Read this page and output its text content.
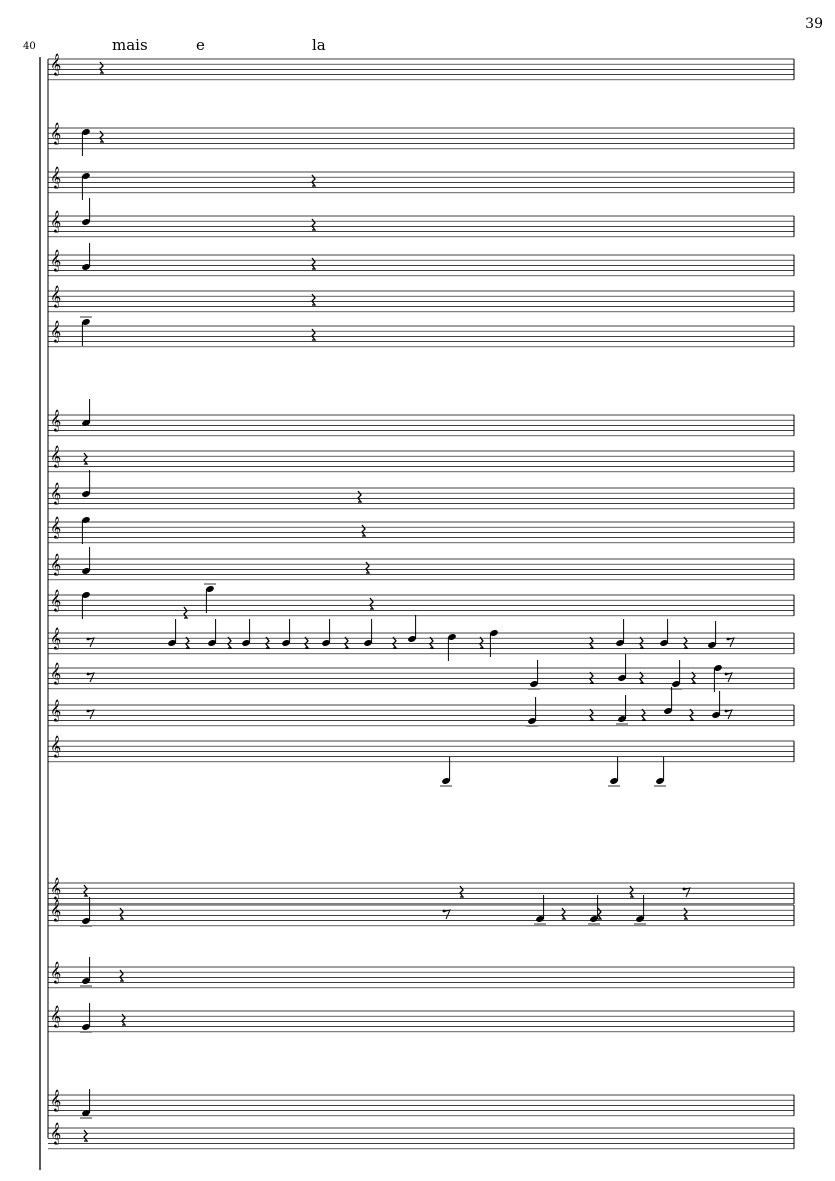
39
40	mais	e	la
𝄞
𝄞
𝄞
𝄞
𝄞
𝄞
𝄞
𝄞
𝄞
𝄞
𝄞
𝄞
𝄞
𝄞
𝄞
𝄞
𝄞
𝄞
𝄞
𝄞
𝄞
𝄞
𝄞
